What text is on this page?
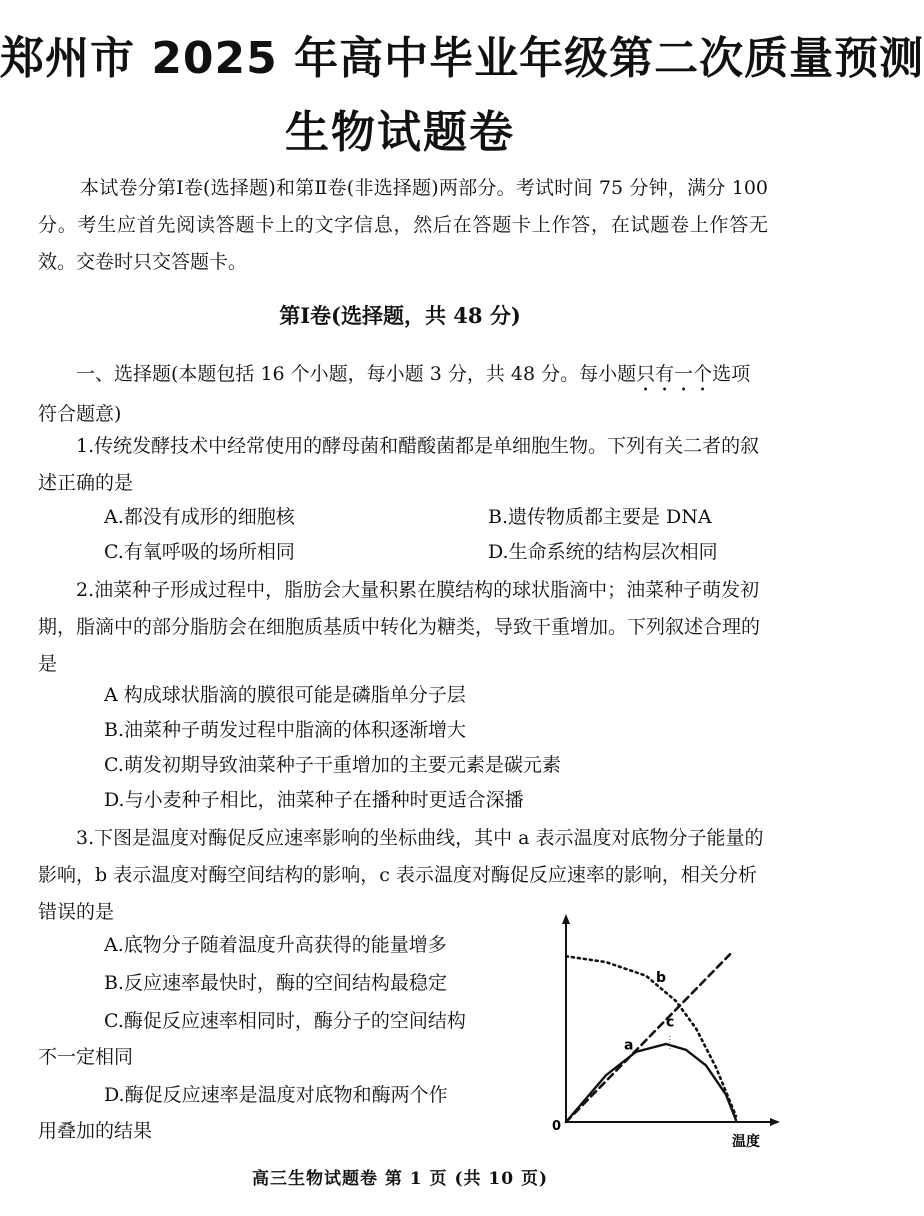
郑州市 2025 年高中毕业年级第二次质量预测
生物试题卷
本试卷分第Ⅰ卷(选择题)和第Ⅱ卷(非选择题)两部分。考试时间 75 分钟，满分 100 分。考生应首先阅读答题卡上的文字信息，然后在答题卡上作答，在试题卷上作答无效。交卷时只交答题卡。
第Ⅰ卷(选择题，共 48 分)
一、选择题(本题包括 16 个小题，每小题 3 分，共 48 分。每小题只有一个选项符合题意)
1.传统发酵技术中经常使用的酵母菌和醋酸菌都是单细胞生物。下列有关二者的叙述正确的是
A.都没有成形的细胞核	B.遗传物质都主要是 DNA
C.有氧呼吸的场所相同	D.生命系统的结构层次相同
2.油菜种子形成过程中，脂肪会大量积累在膜结构的球状脂滴中；油菜种子萌发初期，脂滴中的部分脂肪会在细胞质基质中转化为糖类，导致干重增加。下列叙述合理的是
A 构成球状脂滴的膜很可能是磷脂单分子层
B.油菜种子萌发过程中脂滴的体积逐渐增大
C.萌发初期导致油菜种子干重增加的主要元素是碳元素
D.与小麦种子相比，油菜种子在播种时更适合深播
3.下图是温度对酶促反应速率影响的坐标曲线，其中 a 表示温度对底物分子能量的影响，b 表示温度对酶空间结构的影响，c 表示温度对酶促反应速率的影响，相关分析错误的是
A.底物分子随着温度升高获得的能量增多
B.反应速率最快时，酶的空间结构最稳定
C.酶促反应速率相同时，酶分子的空间结构
不一定相同
D.酶促反应速率是温度对底物和酶两个作
用叠加的结果	0
温度
a
b
c
高三生物试题卷 第 1 页 (共 10 页)
